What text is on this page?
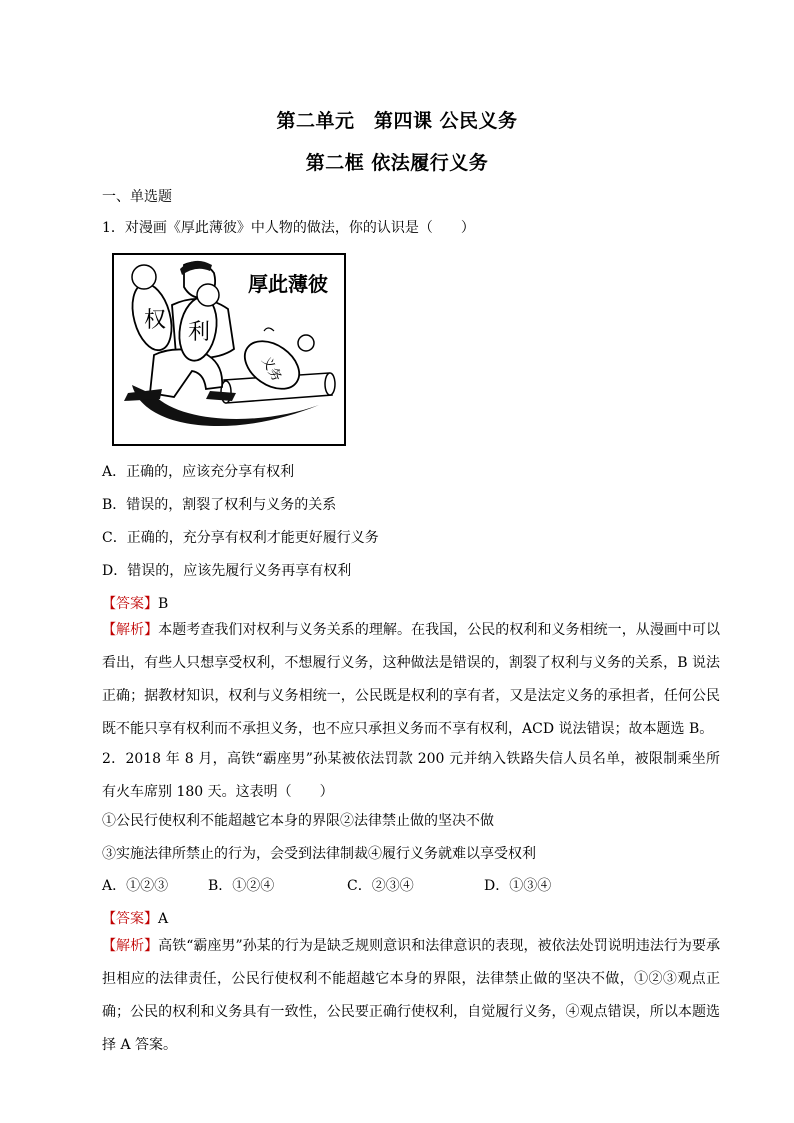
第二单元　第四课 公民义务
第二框 依法履行义务
一、单选题
1．对漫画《厚此薄彼》中人物的做法，你的认识是（　　）
义务
权 利
厚此薄彼
A．正确的，应该充分享有权利
B．错误的，割裂了权利与义务的关系
C．正确的，充分享有权利才能更好履行义务
D．错误的，应该先履行义务再享有权利
【答案】B
【解析】本题考查我们对权利与义务关系的理解。在我国，公民的权利和义务相统一，从漫画中可以看出，有些人只想享受权利，不想履行义务，这种做法是错误的，割裂了权利与义务的关系，B 说法正确；据教材知识，权利与义务相统一，公民既是权利的享有者，又是法定义务的承担者，任何公民既不能只享有权利而不承担义务，也不应只承担义务而不享有权利，ACD 说法错误；故本题选 B。
2．2018 年 8 月，高铁“霸座男”孙某被依法罚款 200 元并纳入铁路失信人员名单，被限制乘坐所有火车席别 180 天。这表明（　　）
①公民行使权利不能超越它本身的界限②法律禁止做的坚决不做
③实施法律所禁止的行为，会受到法律制裁④履行义务就难以享受权利
A．①②③	B．①②④	C．②③④	D．①③④
【答案】A
【解析】高铁“霸座男”孙某的行为是缺乏规则意识和法律意识的表现，被依法处罚说明违法行为要承担相应的法律责任，公民行使权利不能超越它本身的界限，法律禁止做的坚决不做，①②③观点正确；公民的权利和义务具有一致性，公民要正确行使权利，自觉履行义务，④观点错误，所以本题选择 A 答案。
